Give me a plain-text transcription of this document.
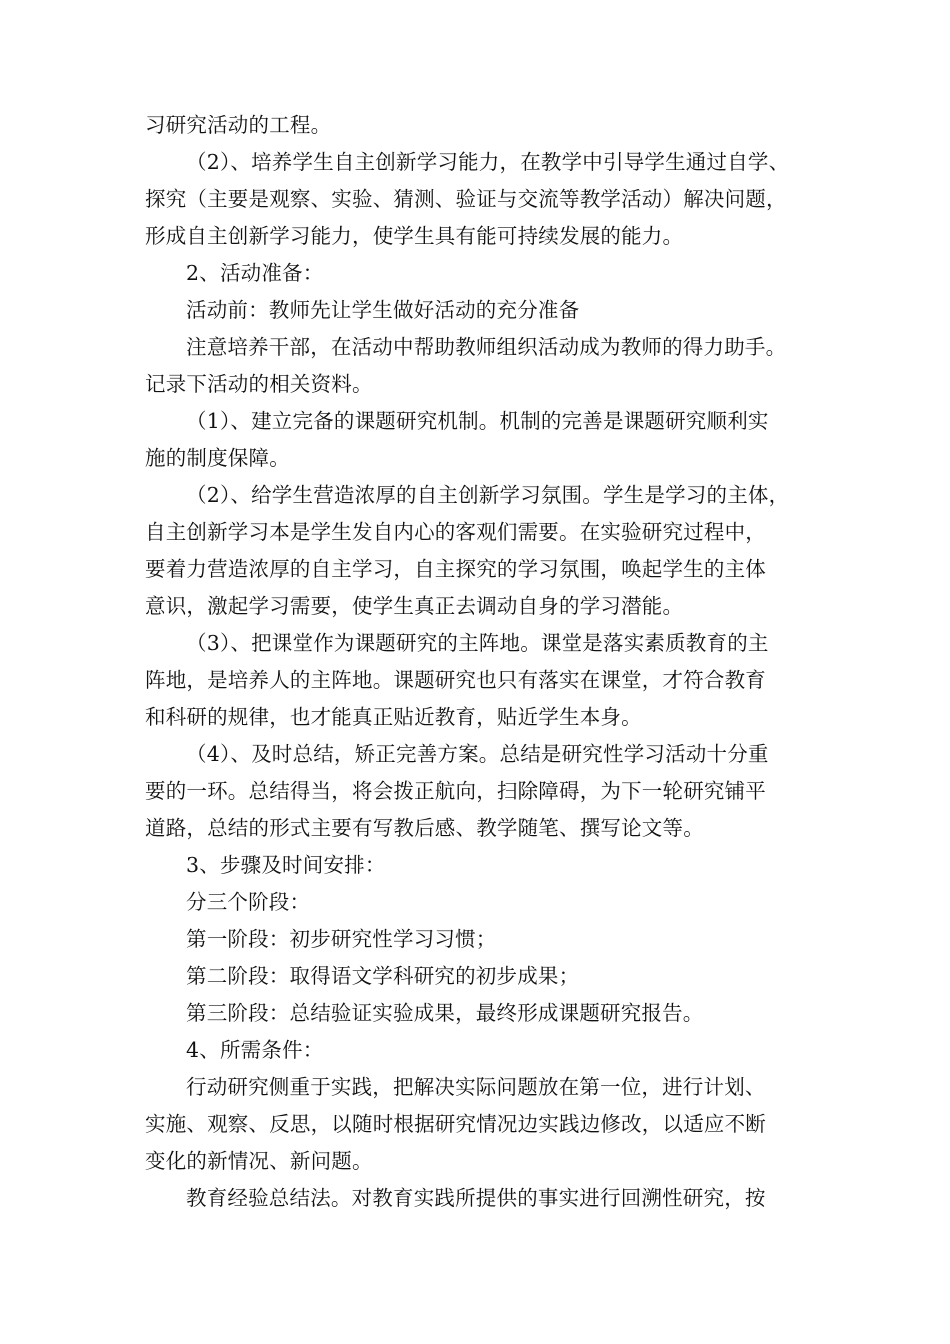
习研究活动的工程。
（2）、培养学生自主创新学习能力，在教学中引导学生通过自学、
探究（主要是观察、实验、猜测、验证与交流等教学活动）解决问题，
形成自主创新学习能力，使学生具有能可持续发展的能力。
2、活动准备：
活动前：教师先让学生做好活动的充分准备
注意培养干部，在活动中帮助教师组织活动成为教师的得力助手。
记录下活动的相关资料。
（1）、建立完备的课题研究机制。机制的完善是课题研究顺利实
施的制度保障。
（2）、给学生营造浓厚的自主创新学习氛围。学生是学习的主体，
自主创新学习本是学生发自内心的客观们需要。在实验研究过程中，
要着力营造浓厚的自主学习，自主探究的学习氛围，唤起学生的主体
意识，激起学习需要，使学生真正去调动自身的学习潜能。
（3）、把课堂作为课题研究的主阵地。课堂是落实素质教育的主
阵地，是培养人的主阵地。课题研究也只有落实在课堂，才符合教育
和科研的规律，也才能真正贴近教育，贴近学生本身。
（4）、及时总结，矫正完善方案。总结是研究性学习活动十分重
要的一环。总结得当，将会拨正航向，扫除障碍，为下一轮研究铺平
道路，总结的形式主要有写教后感、教学随笔、撰写论文等。
3、步骤及时间安排：
分三个阶段：
第一阶段：初步研究性学习习惯；
第二阶段：取得语文学科研究的初步成果；
第三阶段：总结验证实验成果，最终形成课题研究报告。
4、所需条件：
行动研究侧重于实践，把解决实际问题放在第一位，进行计划、
实施、观察、反思，以随时根据研究情况边实践边修改，以适应不断
变化的新情况、新问题。
教育经验总结法。对教育实践所提供的事实进行回溯性研究，按
